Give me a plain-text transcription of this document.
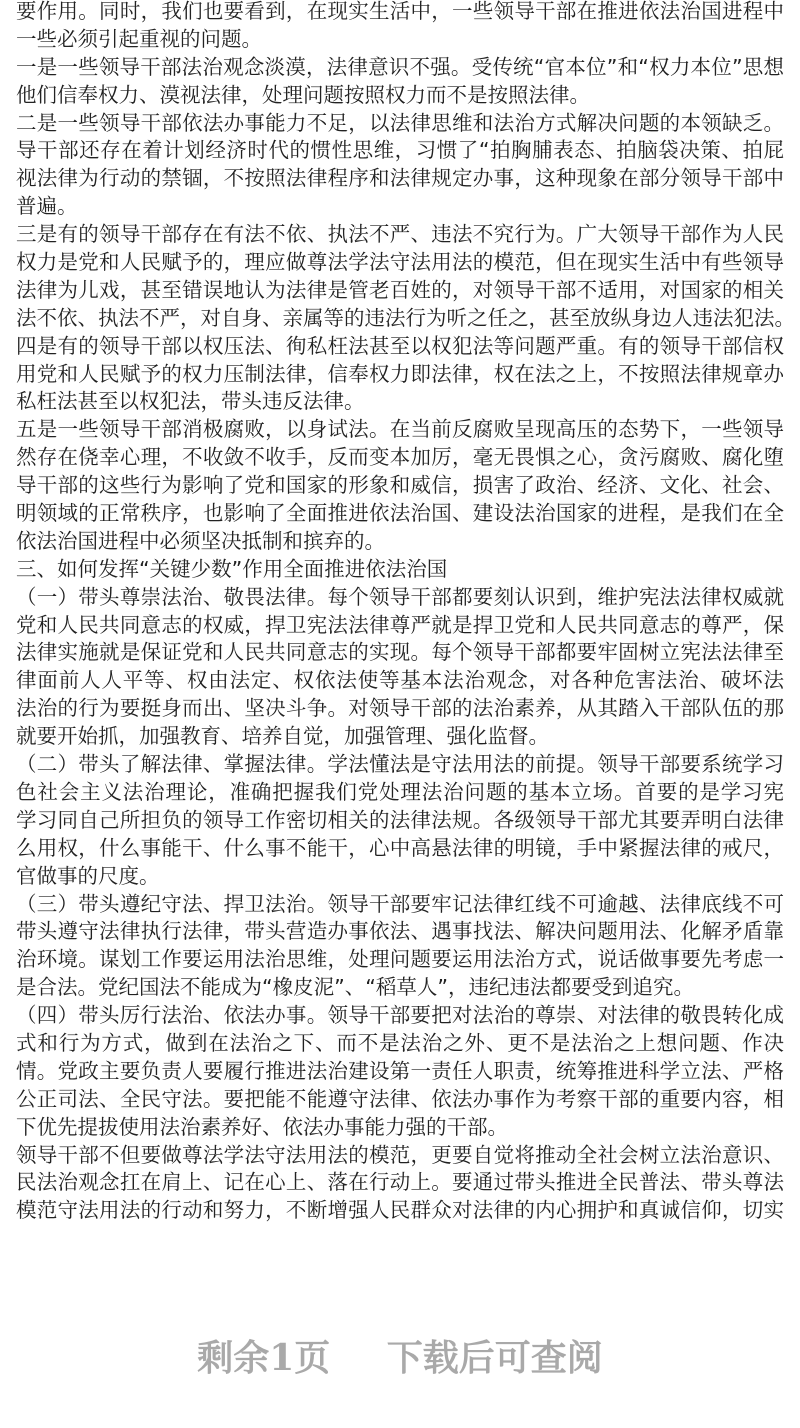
要作用。同时，我们也要看到，在现实生活中，一些领导干部在推进依法治国进程中
一些必须引起重视的问题。
一是一些领导干部法治观念淡漠，法律意识不强。受传统“官本位”和“权力本位”思想
他们信奉权力、漠视法律，处理问题按照权力而不是按照法律。
二是一些领导干部依法办事能力不足，以法律思维和法治方式解决问题的本领缺乏。
导干部还存在着计划经济时代的惯性思维，习惯了“拍胸脯表态、拍脑袋决策、拍屁
视法律为行动的禁锢，不按照法律程序和法律规定办事，这种现象在部分领导干部中
普遍。
三是有的领导干部存在有法不依、执法不严、违法不究行为。广大领导干部作为人民
权力是党和人民赋予的，理应做尊法学法守法用法的模范，但在现实生活中有些领导
法律为儿戏，甚至错误地认为法律是管老百姓的，对领导干部不适用，对国家的相关
法不依、执法不严，对自身、亲属等的违法行为听之任之，甚至放纵身边人违法犯法。
四是有的领导干部以权压法、徇私枉法甚至以权犯法等问题严重。有的领导干部信权
用党和人民赋予的权力压制法律，信奉权力即法律，权在法之上，不按照法律规章办
私枉法甚至以权犯法，带头违反法律。
五是一些领导干部消极腐败，以身试法。在当前反腐败呈现高压的态势下，一些领导
然存在侥幸心理，不收敛不收手，反而变本加厉，毫无畏惧之心，贪污腐败、腐化堕
导干部的这些行为影响了党和国家的形象和威信，损害了政治、经济、文化、社会、
明领域的正常秩序，也影响了全面推进依法治国、建设法治国家的进程，是我们在全
依法治国进程中必须坚决抵制和摈弃的。
三、如何发挥“关键少数”作用全面推进依法治国
（一）带头尊崇法治、敬畏法律。每个领导干部都要刻认识到，维护宪法法律权威就
党和人民共同意志的权威，捍卫宪法法律尊严就是捍卫党和人民共同意志的尊严，保
法律实施就是保证党和人民共同意志的实现。每个领导干部都要牢固树立宪法法律至
律面前人人平等、权由法定、权依法使等基本法治观念，对各种危害法治、破坏法
法治的行为要挺身而出、坚决斗争。对领导干部的法治素养，从其踏入干部队伍的那
就要开始抓，加强教育、培养自觉，加强管理、强化监督。
（二）带头了解法律、掌握法律。学法懂法是守法用法的前提。领导干部要系统学习
色社会主义法治理论，准确把握我们党处理法治问题的基本立场。首要的是学习宪
学习同自己所担负的领导工作密切相关的法律法规。各级领导干部尤其要弄明白法律
么用权，什么事能干、什么事不能干，心中高悬法律的明镜，手中紧握法律的戒尺，
官做事的尺度。
（三）带头遵纪守法、捍卫法治。领导干部要牢记法律红线不可逾越、法律底线不可
带头遵守法律执行法律，带头营造办事依法、遇事找法、解决问题用法、化解矛盾靠
治环境。谋划工作要运用法治思维，处理问题要运用法治方式，说话做事要先考虑一
是合法。党纪国法不能成为“橡皮泥”、“稻草人”，违纪违法都要受到追究。
（四）带头厉行法治、依法办事。领导干部要把对法治的尊崇、对法律的敬畏转化成
式和行为方式，做到在法治之下、而不是法治之外、更不是法治之上想问题、作决
情。党政主要负责人要履行推进法治建设第一责任人职责，统筹推进科学立法、严格
公正司法、全民守法。要把能不能遵守法律、依法办事作为考察干部的重要内容，相
下优先提拔使用法治素养好、依法办事能力强的干部。
领导干部不但要做尊法学法守法用法的模范，更要自觉将推动全社会树立法治意识、
民法治观念扛在肩上、记在心上、落在行动上。要通过带头推进全民普法、带头尊法
模范守法用法的行动和努力，不断增强人民群众对法律的内心拥护和真诚信仰，切实
剩余1页 下载后可查阅
